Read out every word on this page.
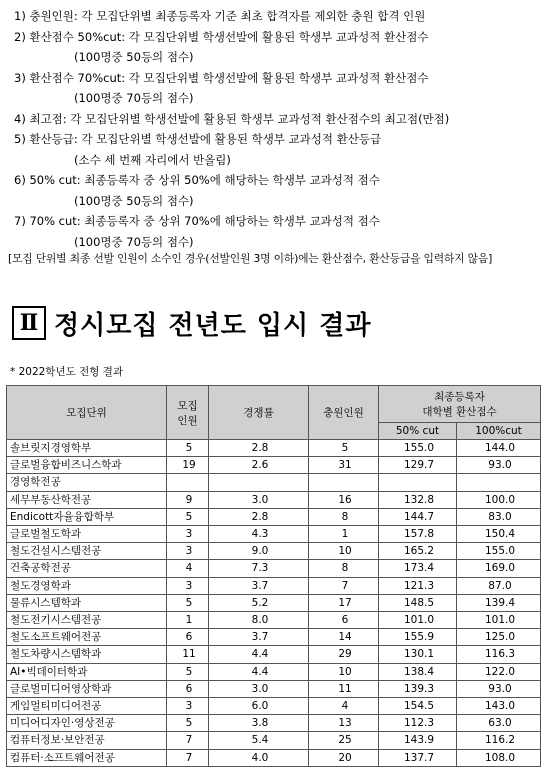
1) 충원인원: 각 모집단위별 최종등록자 기준 최초 합격자를 제외한 충원 합격 인원
2) 환산점수 50%cut: 각 모집단위별 학생선발에 활용된 학생부 교과성적 환산점수
(100명중 50등의 점수)
3) 환산점수 70%cut: 각 모집단위별 학생선발에 활용된 학생부 교과성적 환산점수
(100명중 70등의 점수)
4) 최고점: 각 모집단위별 학생선발에 활용된 학생부 교과성적 환산점수의 최고점(만점)
5) 환산등급: 각 모집단위별 학생선발에 활용된 학생부 교과성적 환산등급
(소수 세 번째 자리에서 반올림)
6) 50% cut: 최종등록자 중 상위 50%에 해당하는 학생부 교과성적 점수
(100명중 50등의 점수)
7) 70% cut: 최종등록자 중 상위 70%에 해당하는 학생부 교과성적 점수
(100명중 70등의 점수)
[모집 단위별 최종 선발 인원이 소수인 경우(선발인원 3명 이하)에는 환산점수, 환산등급을 입력하지 않음]
Ⅱ 정시모집 전년도 입시 결과
* 2022학년도 전형 결과
모집단위	모집
인원	경쟁률	충원인원	최종등록자
대학별 환산점수	
				50% cut	100%cut
솔브릿지경영학부	5	2.8	5	155.0	144.0
글로벌융합비즈니스학과	19	2.6	31	129.7	93.0
경영학전공					
세무부동산학전공	9	3.0	16	132.8	100.0
Endicott자율융합학부	5	2.8	8	144.7	83.0
글로벌철도학과	3	4.3	1	157.8	150.4
철도건설시스템전공	3	9.0	10	165.2	155.0
건축공학전공	4	7.3	8	173.4	169.0
철도경영학과	3	3.7	7	121.3	87.0
물류시스템학과	5	5.2	17	148.5	139.4
철도전기시스템전공	1	8.0	6	101.0	101.0
철도소프트웨어전공	6	3.7	14	155.9	125.0
철도차량시스템학과	11	4.4	29	130.1	116.3
AI•빅데이터학과	5	4.4	10	138.4	122.0
글로벌미디어영상학과	6	3.0	11	139.3	93.0
게임멀티미디어전공	3	6.0	4	154.5	143.0
미디어디자인·영상전공	5	3.8	13	112.3	63.0
컴퓨터정보·보안전공	7	5.4	25	143.9	116.2
컴퓨터·소프트웨어전공	7	4.0	20	137.7	108.0
